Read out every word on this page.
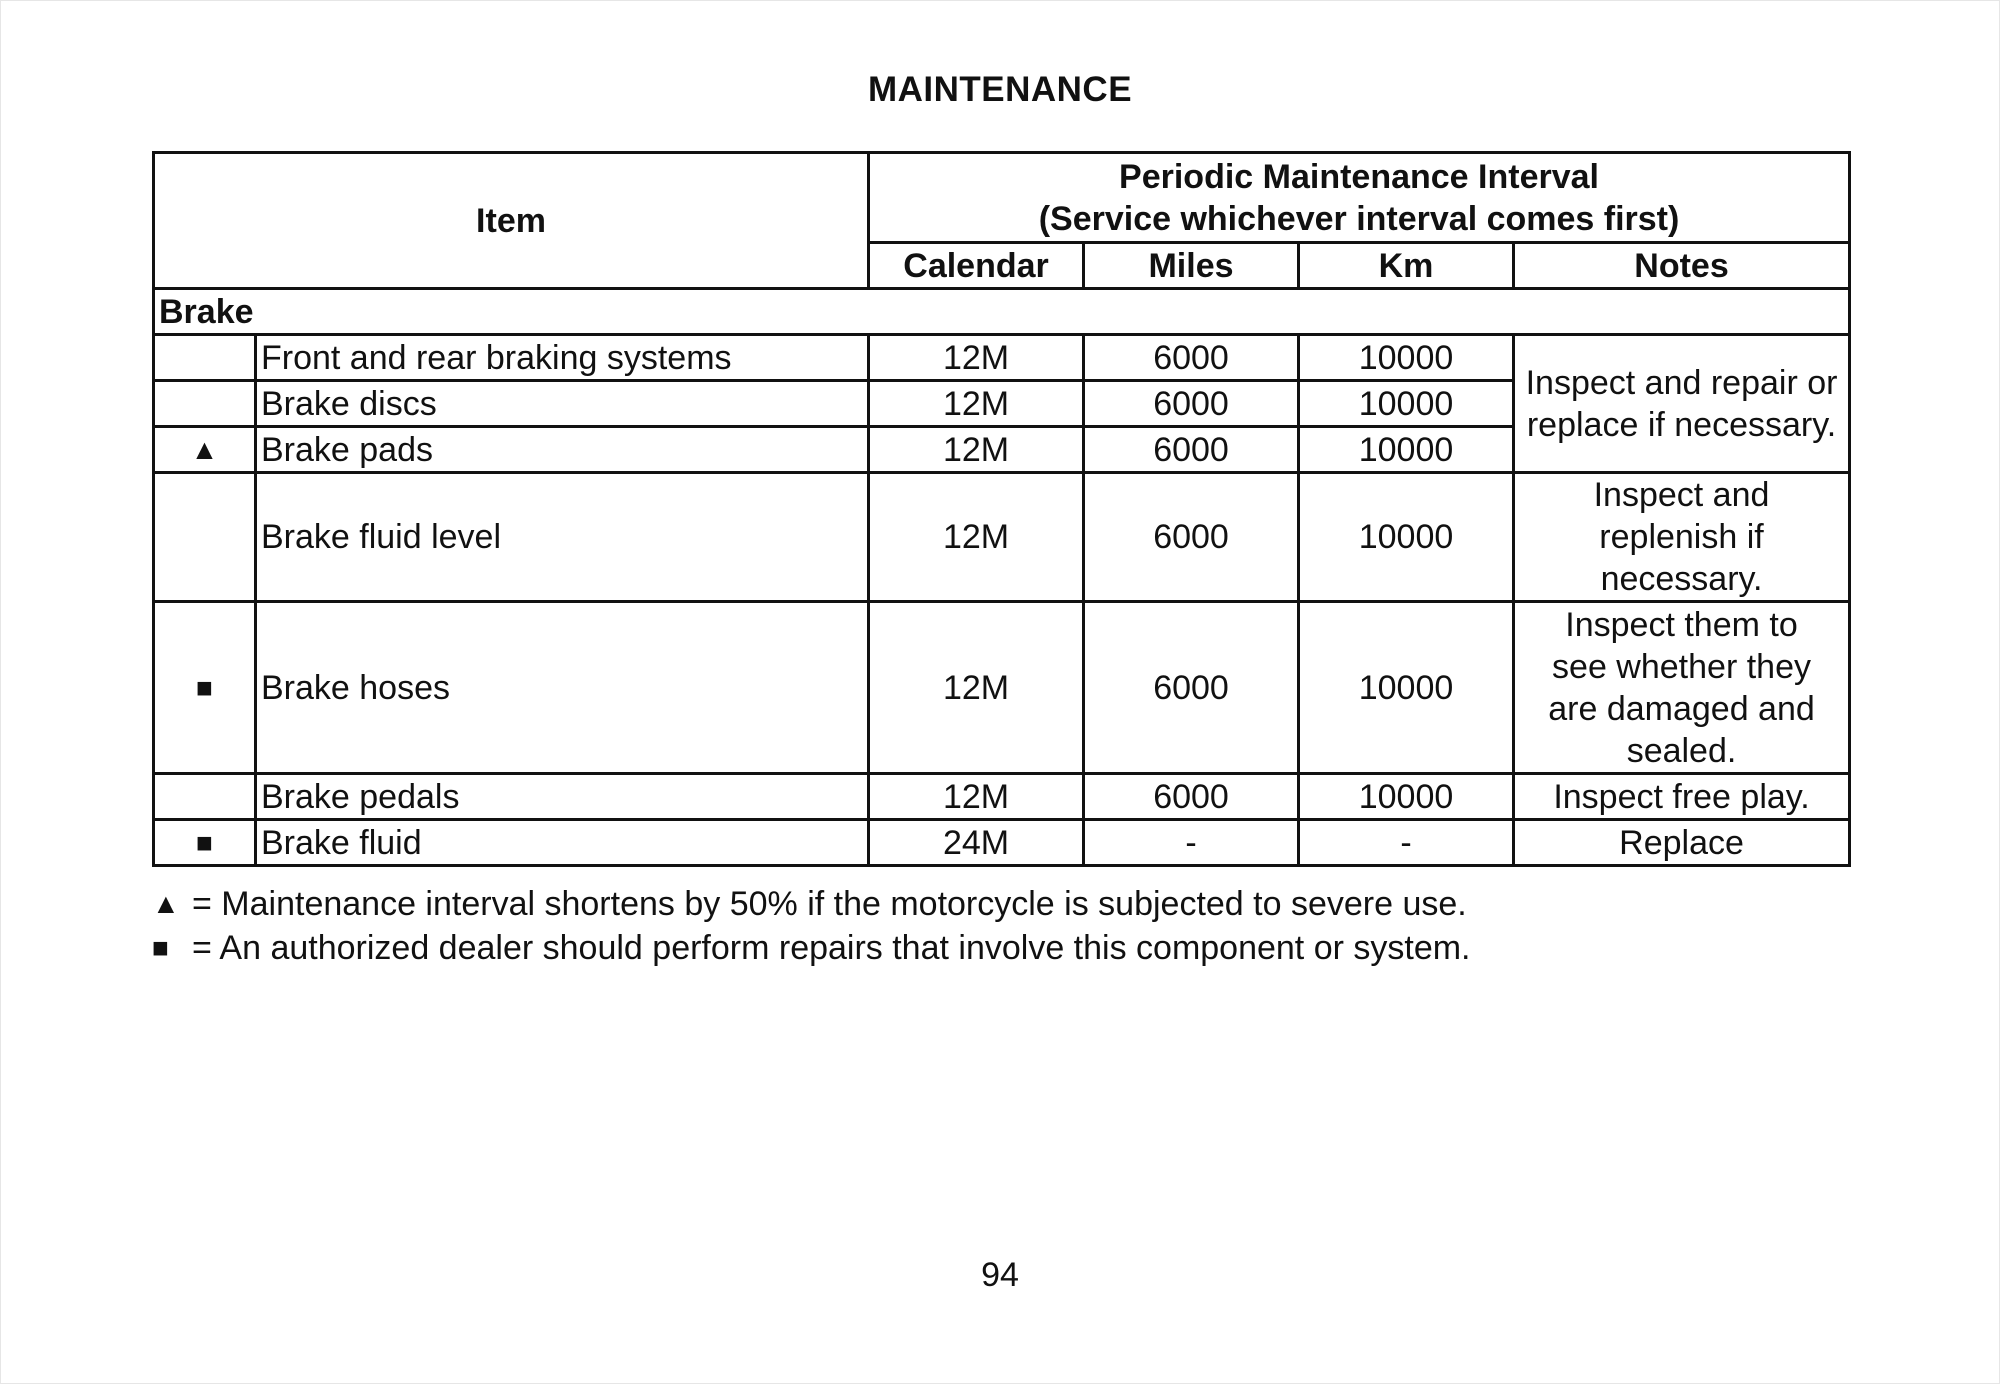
MAINTENANCE
Item		Periodic Maintenance Interval
(Service whichever interval comes first)			

		Calendar	Miles	Km	Notes
Brake					
	Front and rear braking systems	12M	6000	10000	Inspect and repair or
replace if necessary.

	Brake discs	12M	6000	10000	
▲	Brake pads	12M	6000	10000	
	Brake fluid level	12M	6000	10000	Inspect and
replenish if
necessary.

■	Brake hoses	12M	6000	10000	Inspect them to
see whether they
are damaged and
sealed.

	Brake pedals	12M	6000	10000	Inspect free play.

■	Brake fluid	24M	-	-	Replace
▲ = Maintenance interval shortens by 50% if the motorcycle is subjected to severe use.
■ = An authorized dealer should perform repairs that involve this component or system.
94
